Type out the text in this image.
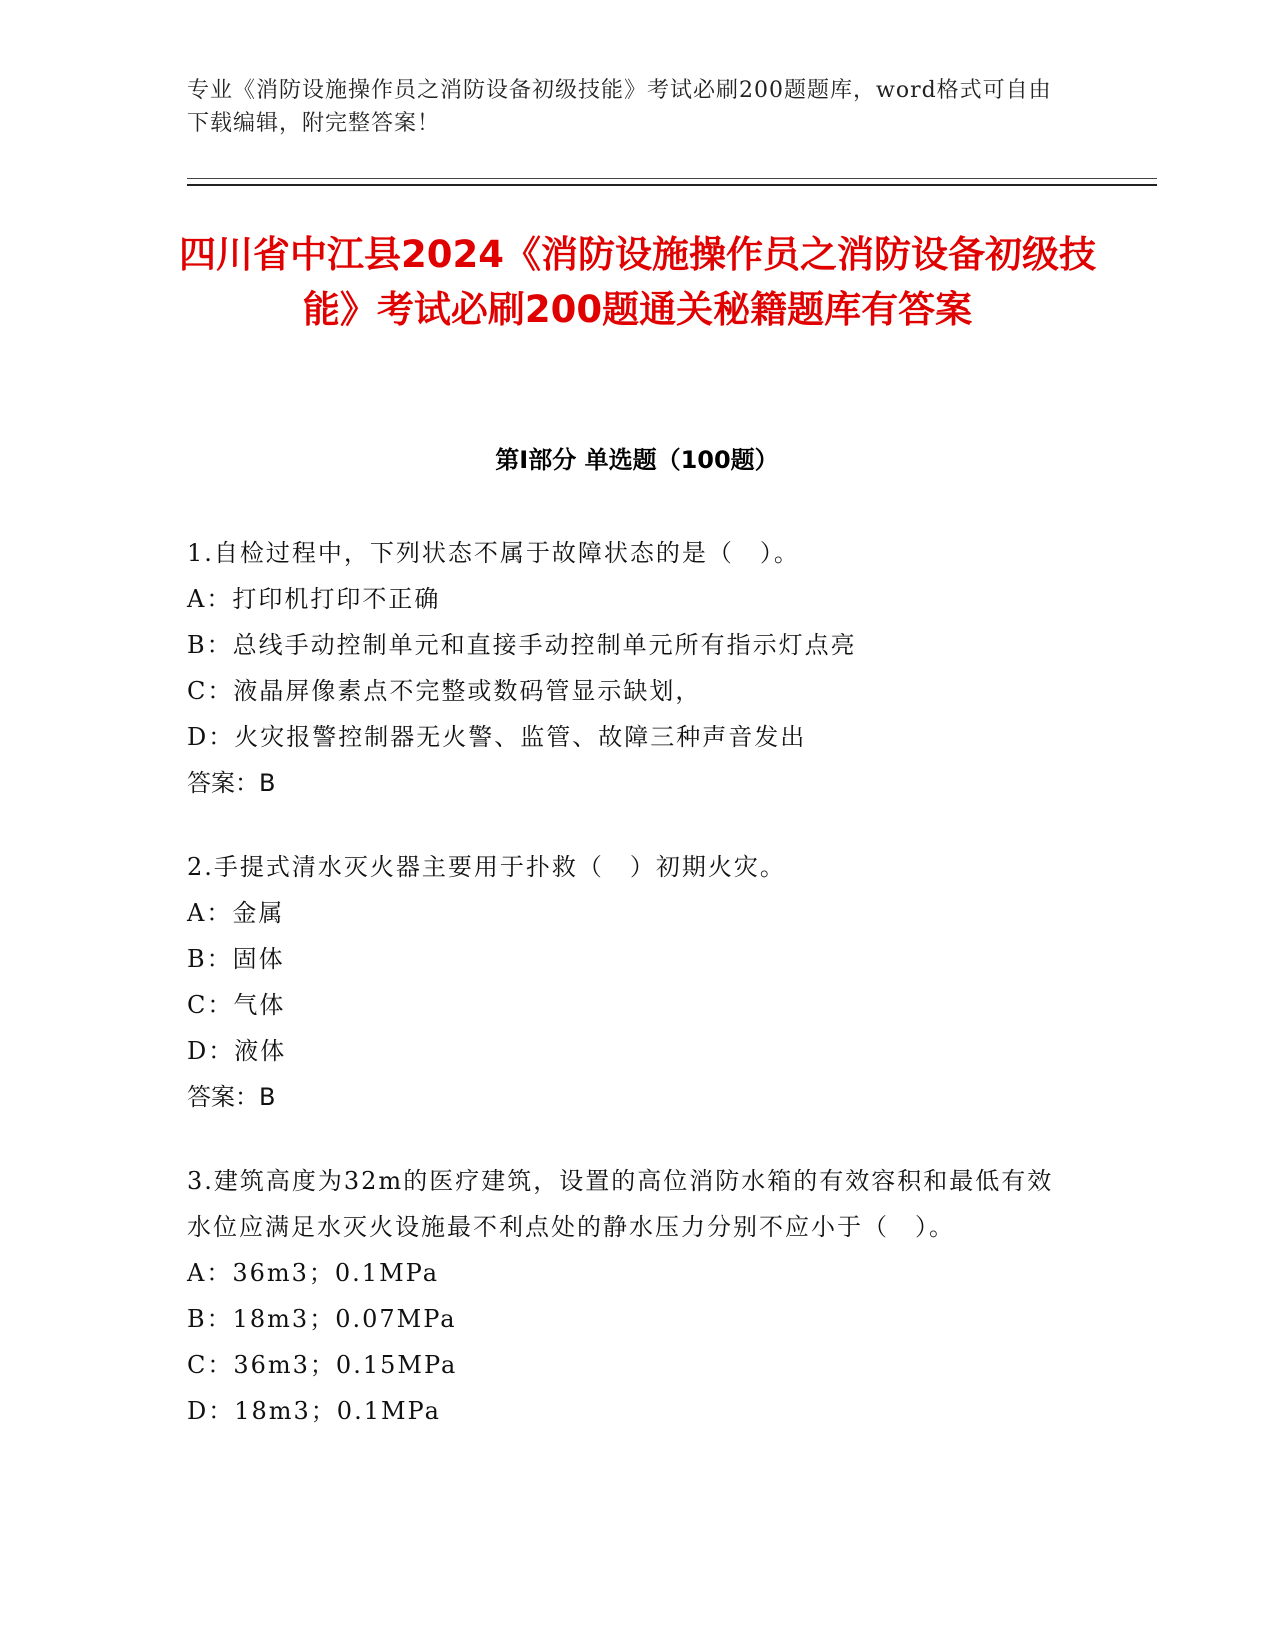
专业《消防设施操作员之消防设备初级技能》考试必刷200题题库，word格式可自由下载编辑，附完整答案！
四川省中江县2024《消防设施操作员之消防设备初级技能》考试必刷200题通关秘籍题库有答案
第Ⅰ部分 单选题（100题）

1.自检过程中，下列状态不属于故障状态的是（　）。

A：打印机打印不正确

B：总线手动控制单元和直接手动控制单元所有指示灯点亮

C：液晶屏像素点不完整或数码管显示缺划，

D：火灾报警控制器无火警、监管、故障三种声音发出

答案：B

2.手提式清水灭火器主要用于扑救（　）初期火灾。

A：金属

B：固体

C：气体

D：液体

答案：B

3.建筑高度为32m的医疗建筑，设置的高位消防水箱的有效容积和最低有效水位应满足水灭火设施最不利点处的静水压力分别不应小于（　）。

A：36m3；0.1MPa

B：18m3；0.07MPa

C：36m3；0.15MPa

D：18m3；0.1MPa
